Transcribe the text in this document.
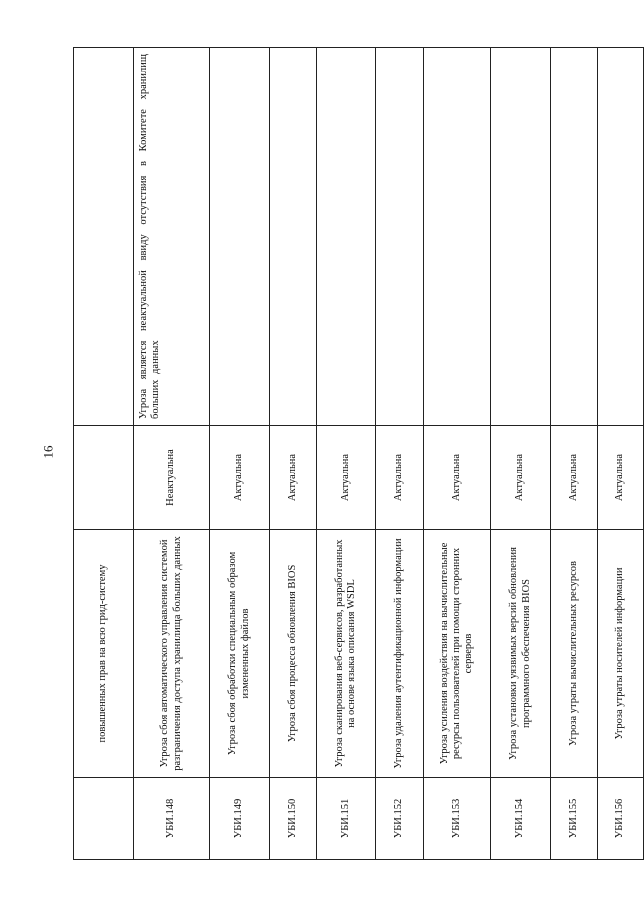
16
	повышенных прав на всю грид-систему		
УБИ.148	Угроза сбоя автоматического управления системой разграничения доступа хранилища больших данных	Неактуальна	Угроза является неактуальной ввиду отсутствия в Комитете хранилищ больших данных

УБИ.149	Угроза сбоя обработки специальным образом измененных файлов	Актуальна	
УБИ.150	Угроза сбоя процесса обновления BIOS	Актуальна	
УБИ.151	Угроза сканирования веб-сервисов, разработанных на основе языка описания WSDL	Актуальна	
УБИ.152	Угроза удаления аутентификационной информации	Актуальна	
УБИ.153	Угроза усиления воздействия на вычислительные ресурсы пользователей при помощи сторонних серверов	Актуальна	
УБИ.154	Угроза установки уязвимых версий обновления программного обеспечения BIOS	Актуальна	
УБИ.155	Угроза утраты вычислительных ресурсов	Актуальна	
УБИ.156	Угроза утраты носителей информации	Актуальна	
